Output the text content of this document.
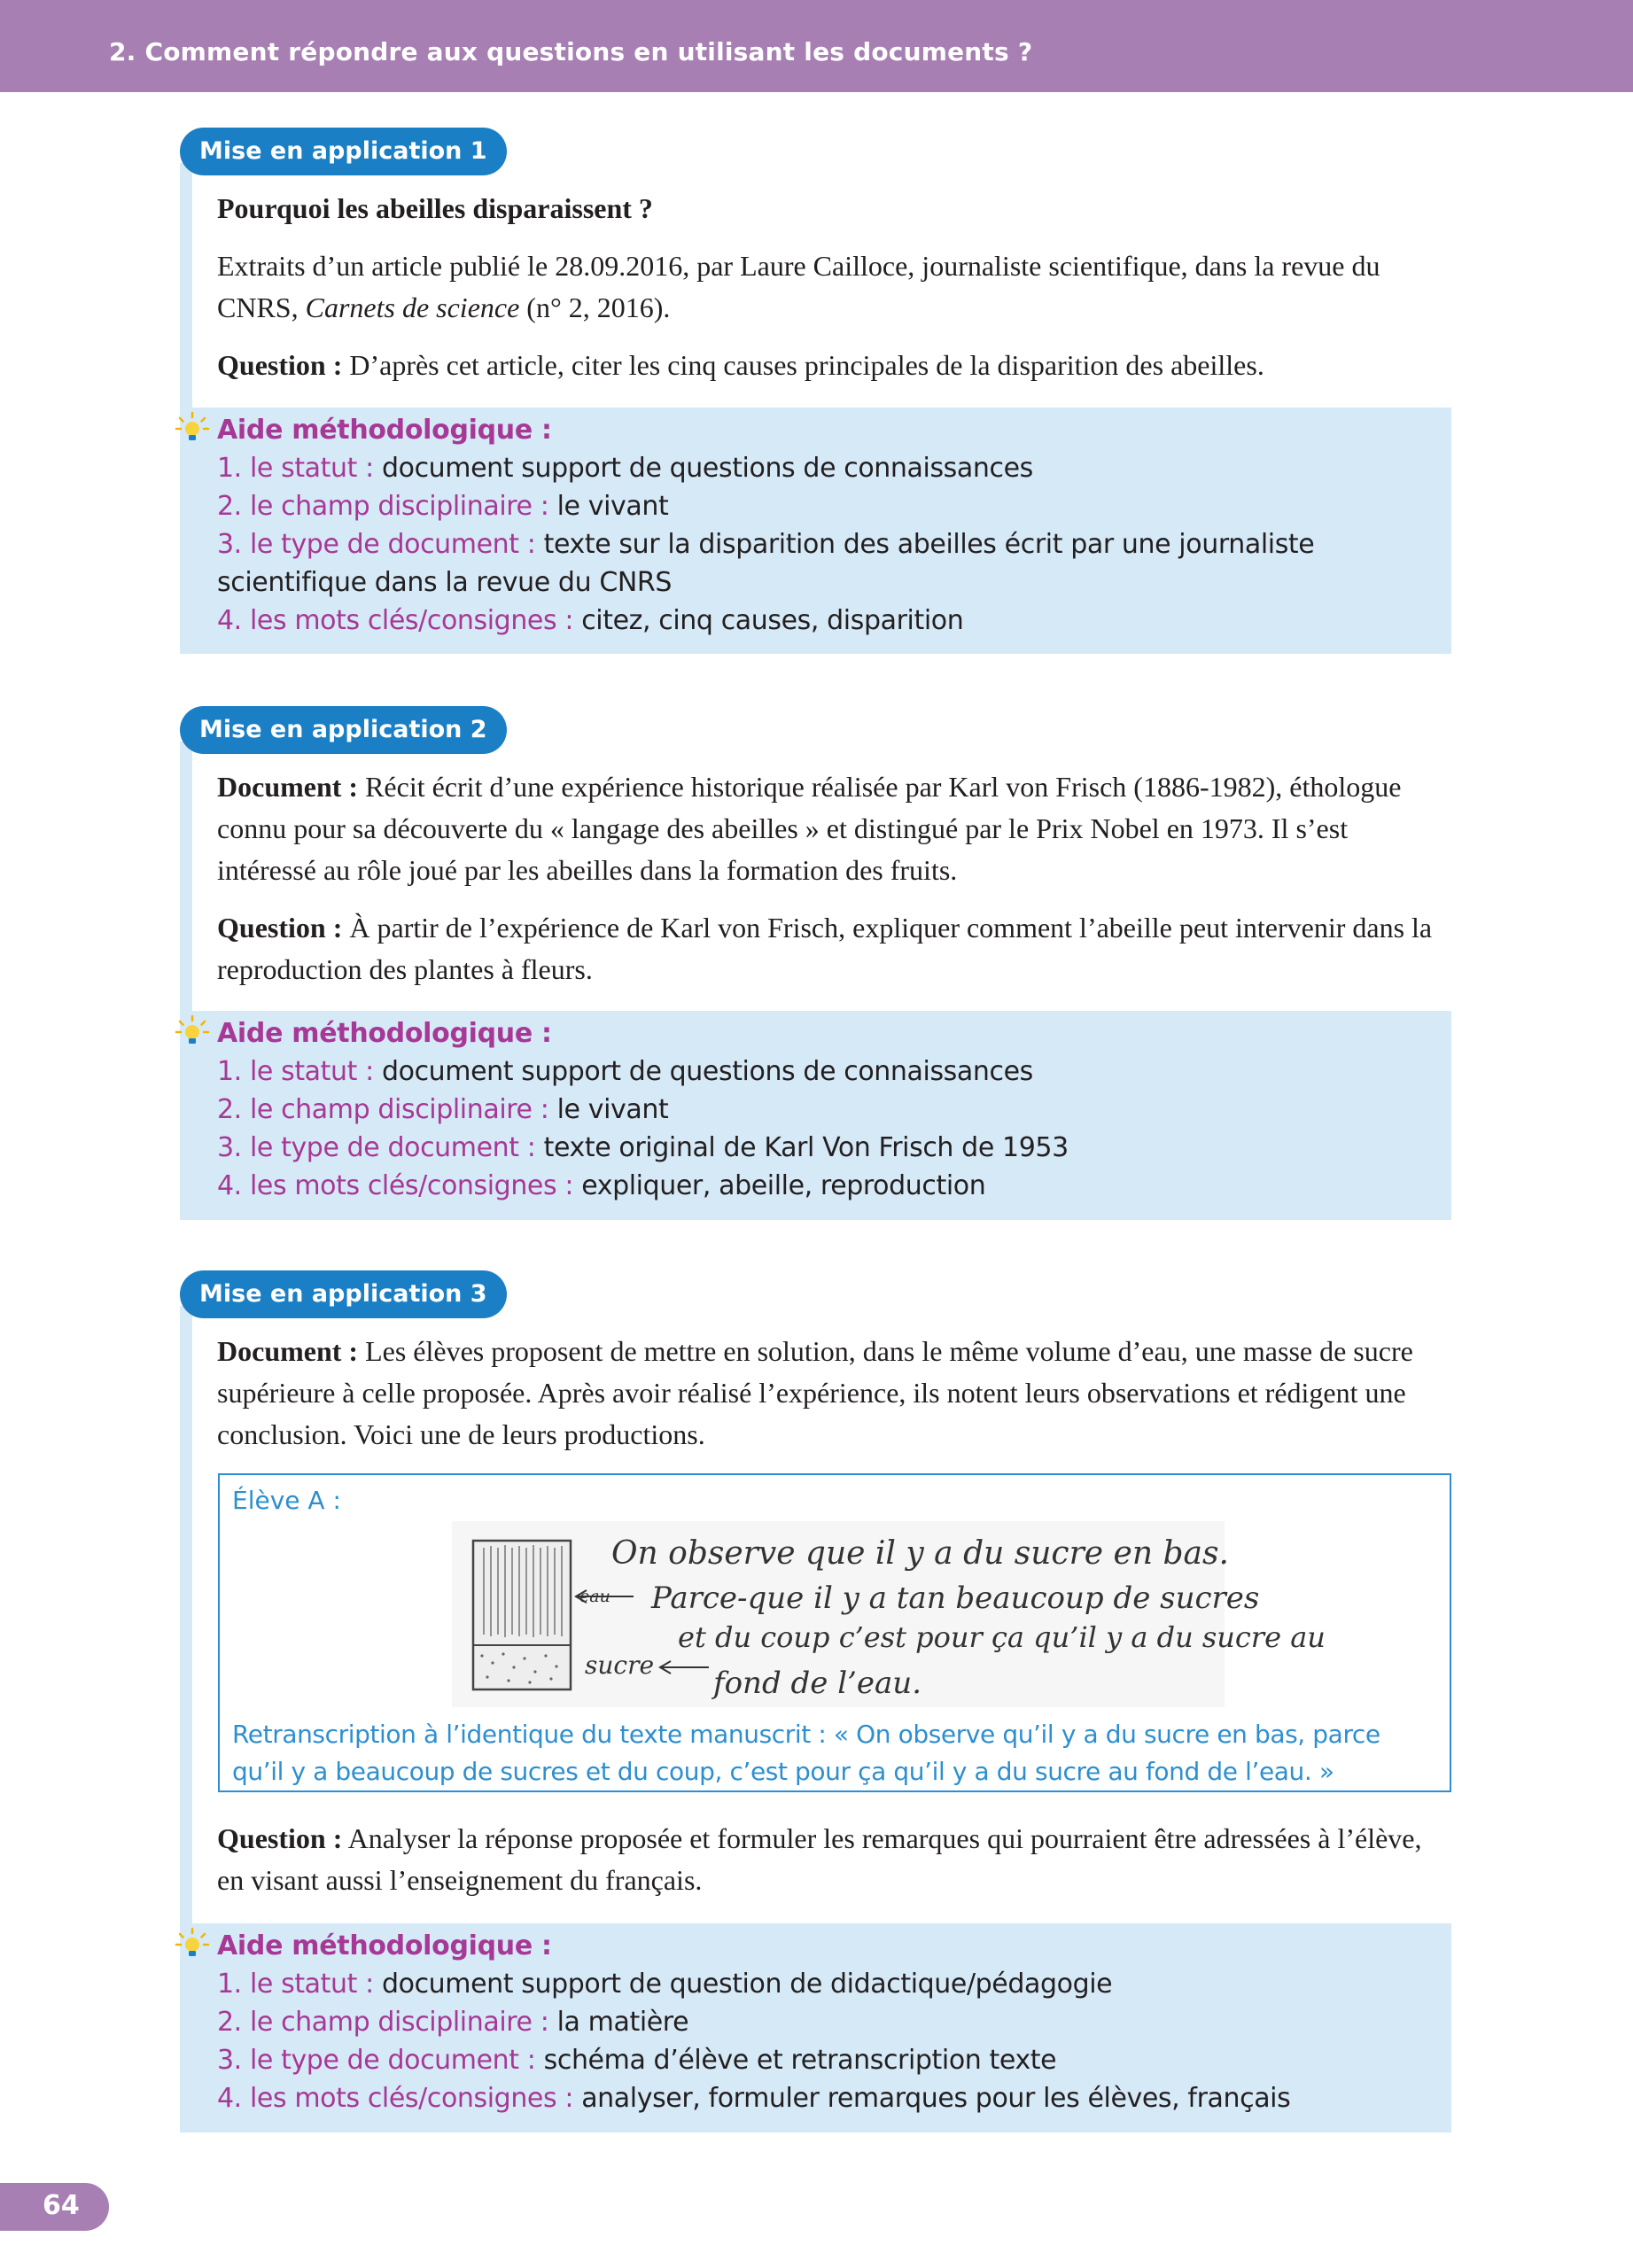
2. Comment répondre aux questions en utilisant les documents ?
Mise en application 1

Pourquoi les abeilles disparaissent ?

Extraits d’un article publié le 28.09.2016, par Laure Cailloce, journaliste scientifique, dans la revue du CNRS, Carnets de science (n° 2, 2016).

Question : D’après cet article, citer les cinq causes principales de la disparition des abeilles.

Aide méthodologique :

1. le statut : document support de questions de connaissances

2. le champ disciplinaire : le vivant

3. le type de document : texte sur la disparition des abeilles écrit par une journaliste scientifique dans la revue du CNRS

4. les mots clés/consignes : citez, cinq causes, disparition

Mise en application 2

Document : Récit écrit d’une expérience historique réalisée par Karl von Frisch (1886-1982), éthologue connu pour sa découverte du « langage des abeilles » et distingué par le Prix Nobel en 1973. Il s’est intéressé au rôle joué par les abeilles dans la formation des fruits.

Question : À partir de l’expérience de Karl von Frisch, expliquer comment l’abeille peut intervenir dans la reproduction des plantes à fleurs.

Aide méthodologique :

1. le statut : document support de questions de connaissances

2. le champ disciplinaire : le vivant

3. le type de document : texte original de Karl Von Frisch de 1953

4. les mots clés/consignes : expliquer, abeille, reproduction

Mise en application 3

Document : Les élèves proposent de mettre en solution, dans le même volume d’eau, une masse de sucre supérieure à celle proposée. Après avoir réalisé l’expérience, ils notent leurs observations et rédigent une conclusion. Voici une de leurs productions.

Élève A :
eau
sucre
On observe que il y a du sucre en bas.
Parce-que il y a tan beaucoup de sucres
et du coup c’est pour ça qu’il y a du sucre au
fond de l’eau.
Retranscription à l’identique du texte manuscrit : « On observe qu’il y a du sucre en bas, parce qu’il y a beaucoup de sucres et du coup, c’est pour ça qu’il y a du sucre au fond de l’eau. »

Question : Analyser la réponse proposée et formuler les remarques qui pourraient être adressées à l’élève, en visant aussi l’enseignement du français.

Aide méthodologique :

1. le statut : document support de question de didactique/pédagogie

2. le champ disciplinaire : la matière

3. le type de document : schéma d’élève et retranscription texte

4. les mots clés/consignes : analyser, formuler remarques pour les élèves, français

64
